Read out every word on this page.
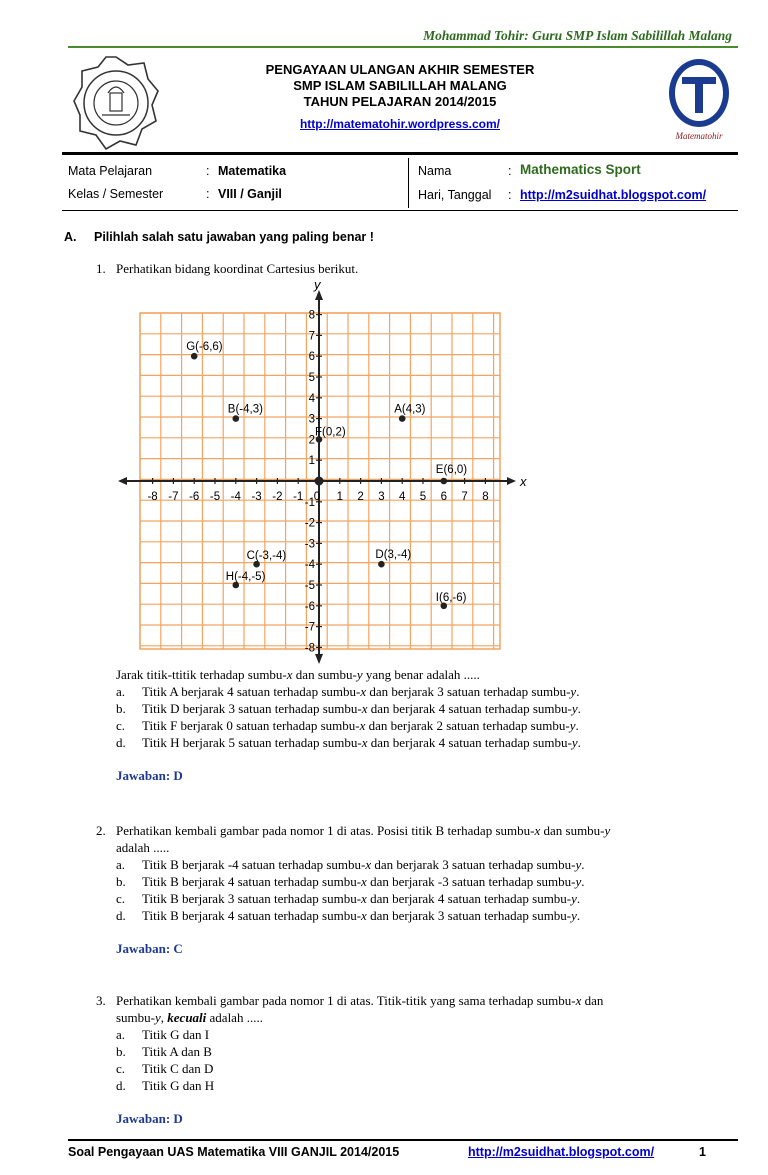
Mohammad Tohir: Guru SMP Islam Sabilillah Malang
PENGAYAAN ULANGAN AKHIR SEMESTER
SMP ISLAM SABILILLAH MALANG
TAHUN PELAJARAN 2014/2015
http://matematohir.wordpress.com/
Matematohir
Mata Pelajaran	: Matematika
Kelas / Semester	: VIII / Ganjil
Nama	: Mathematics Sport
Hari, Tanggal : http://m2suidhat.blogspot.com/
A. Pilihlah salah satu jawaban yang paling benar !
1. Perhatikan bidang koordinat Cartesius berikut.
x
y
-8 -7 -6 -5 -4 -3 -2 -1	1 2 3 4 5 6 7 8
0
-8
-7
-6
-5
-4
-3
-2
-1
1
2
3
4
5
6
7
8
G(-6,6)
B(-4,3)	A(4,3)
F(0,2)
E(6,0)
C(-3,-4)	D(3,-4)
H(-4,-5)
I(6,-6)
Jarak titik-ttitik terhadap sumbu-x dan sumbu-y yang benar adalah .....
a. Titik A berjarak 4 satuan terhadap sumbu-x dan berjarak 3 satuan terhadap sumbu-y.
b. Titik D berjarak 3 satuan terhadap sumbu-x dan berjarak 4 satuan terhadap sumbu-y.
c. Titik F berjarak 0 satuan terhadap sumbu-x dan berjarak 2 satuan terhadap sumbu-y.
d. Titik H berjarak 5 satuan terhadap sumbu-x dan berjarak 4 satuan terhadap sumbu-y.
Jawaban: D
2. Perhatikan kembali gambar pada nomor 1 di atas. Posisi titik B terhadap sumbu-x dan sumbu-y
adalah .....
a. Titik B berjarak -4 satuan terhadap sumbu-x dan berjarak 3 satuan terhadap sumbu-y.
b. Titik B berjarak 4 satuan terhadap sumbu-x dan berjarak -3 satuan terhadap sumbu-y.
c. Titik B berjarak 3 satuan terhadap sumbu-x dan berjarak 4 satuan terhadap sumbu-y.
d. Titik B berjarak 4 satuan terhadap sumbu-x dan berjarak 3 satuan terhadap sumbu-y.
Jawaban: C
3. Perhatikan kembali gambar pada nomor 1 di atas. Titik-titik yang sama terhadap sumbu-x dan
sumbu-y, kecuali adalah .....
a. Titik G dan I
b. Titik A dan B
c. Titik C dan D
d. Titik G dan H
Jawaban: D
Soal Pengayaan UAS Matematika VIII GANJIL 2014/2015	http://m2suidhat.blogspot.com/	1
